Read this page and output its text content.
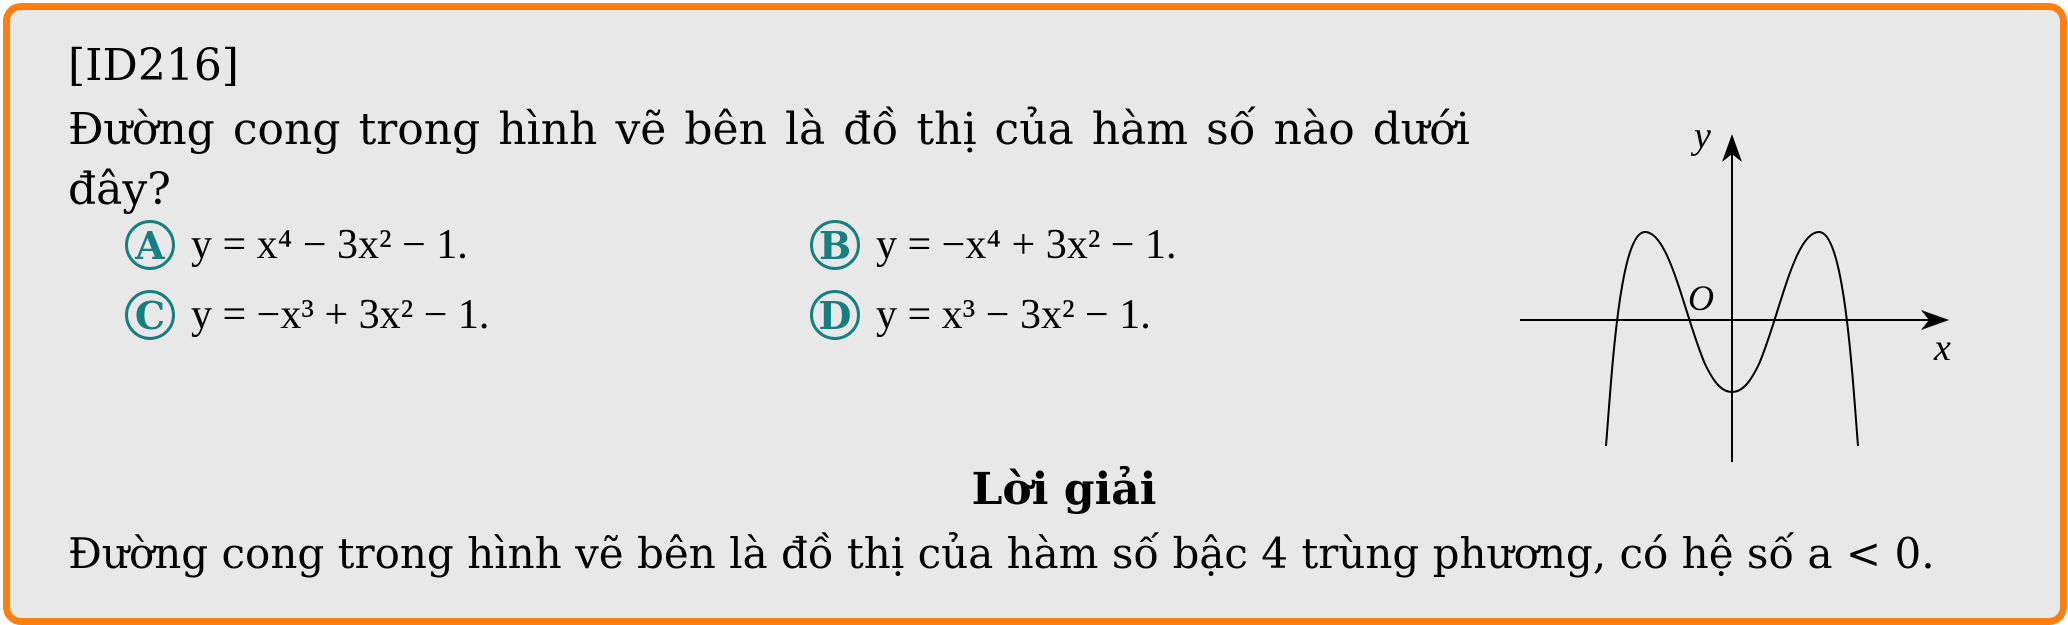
[ID216]
Đường cong trong hình vẽ bên là đồ thị của hàm số nào dưới
đây?
A y = x⁴ − 3x² − 1.	B y = −x⁴ + 3x² − 1.
C y = −x³ + 3x² − 1.	D y = x³ − 3x² − 1.
y
x
O
Lời giải
Đường cong trong hình vẽ bên là đồ thị của hàm số bậc 4 trùng phương, có hệ số a < 0.
